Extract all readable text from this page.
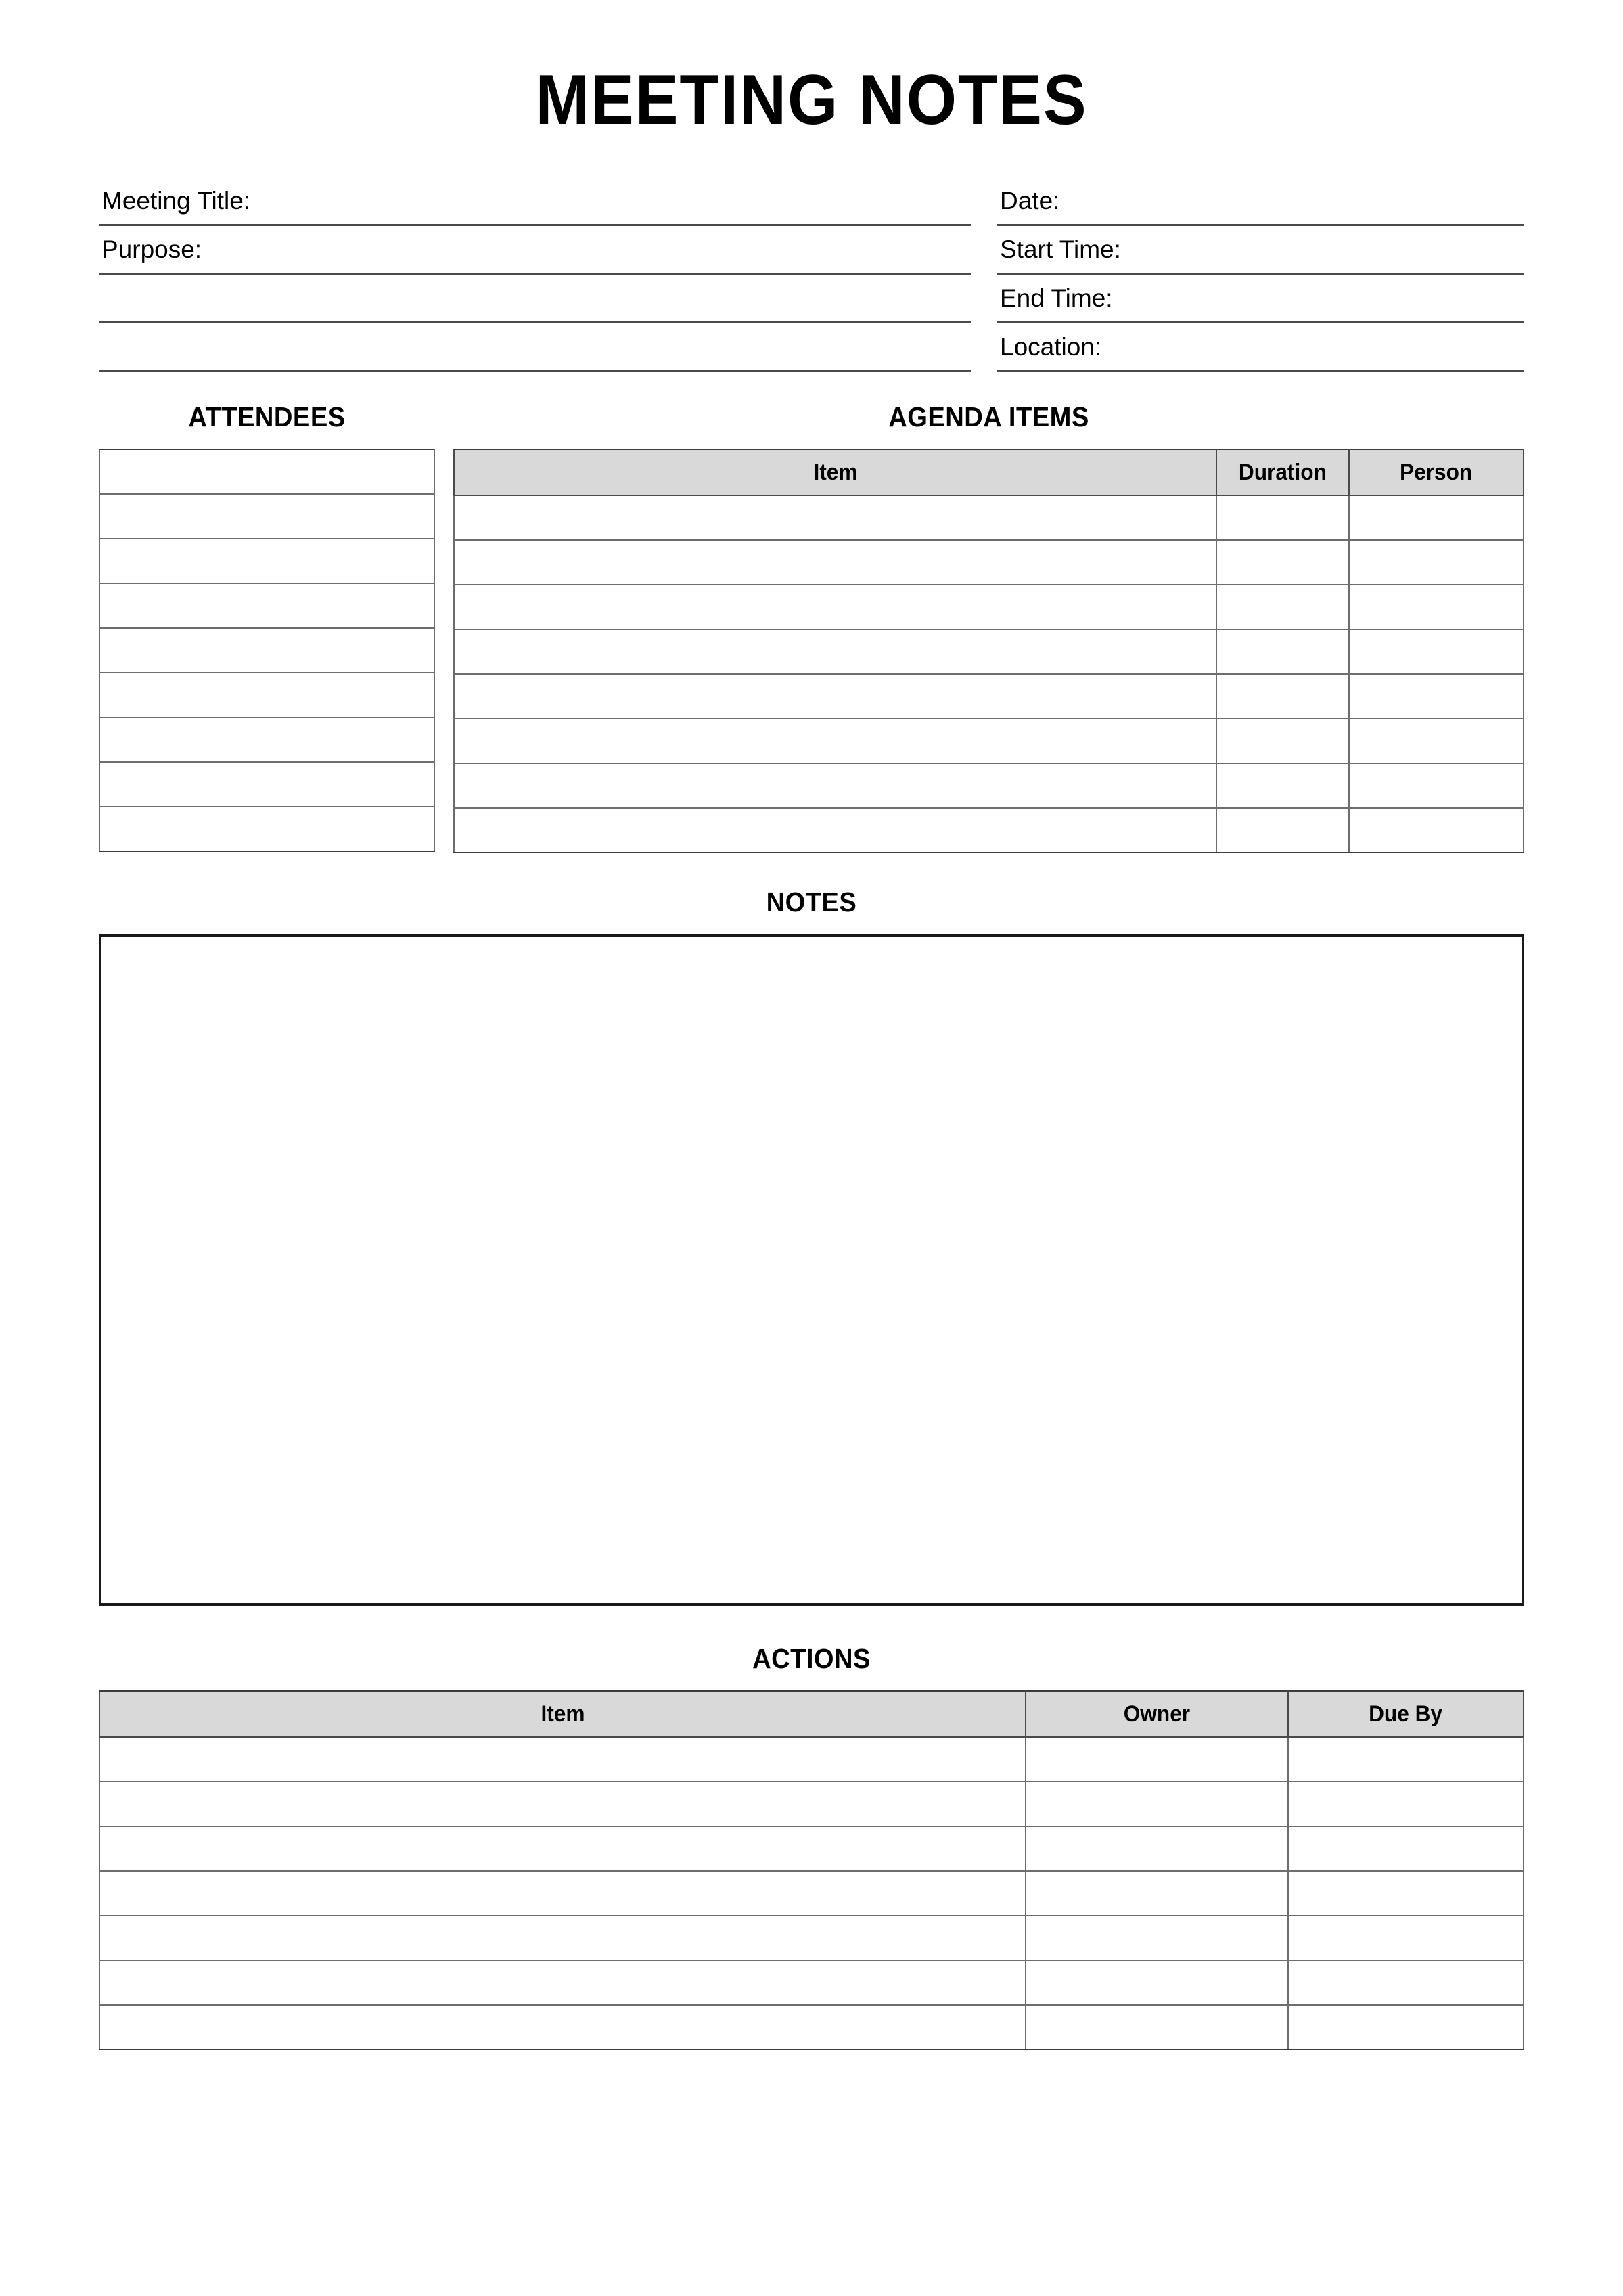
MEETING NOTES
Meeting Title:
Purpose:
Date:
Start Time:
End Time:
Location:
ATTENDEES	AGENDA ITEMS
Item	Duration	Person

NOTES
ACTIONS
Item	Owner	Due By
